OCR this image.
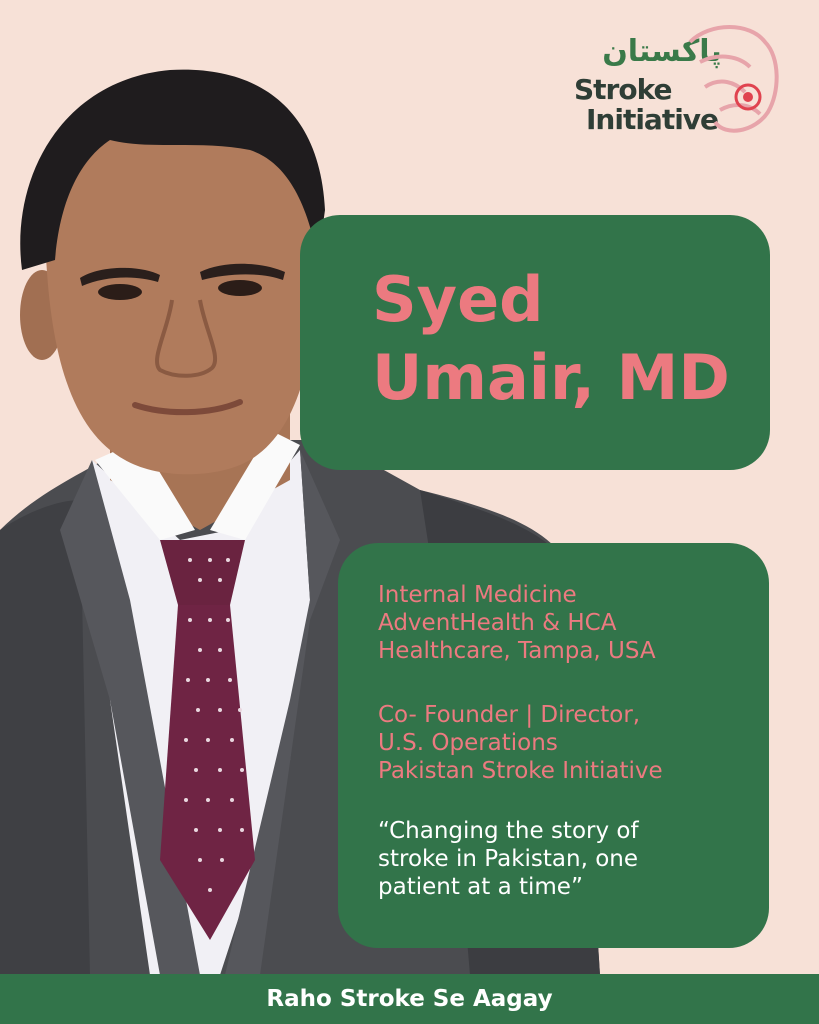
پاکستان
Stroke
Initiative
Syed
Umair, MD
Internal Medicine
AdventHealth & HCA
Healthcare, Tampa, USA
Co- Founder | Director,
U.S. Operations
Pakistan Stroke Initiative
“Changing the story of
stroke in Pakistan, one
patient at a time”
Raho Stroke Se Aagay
